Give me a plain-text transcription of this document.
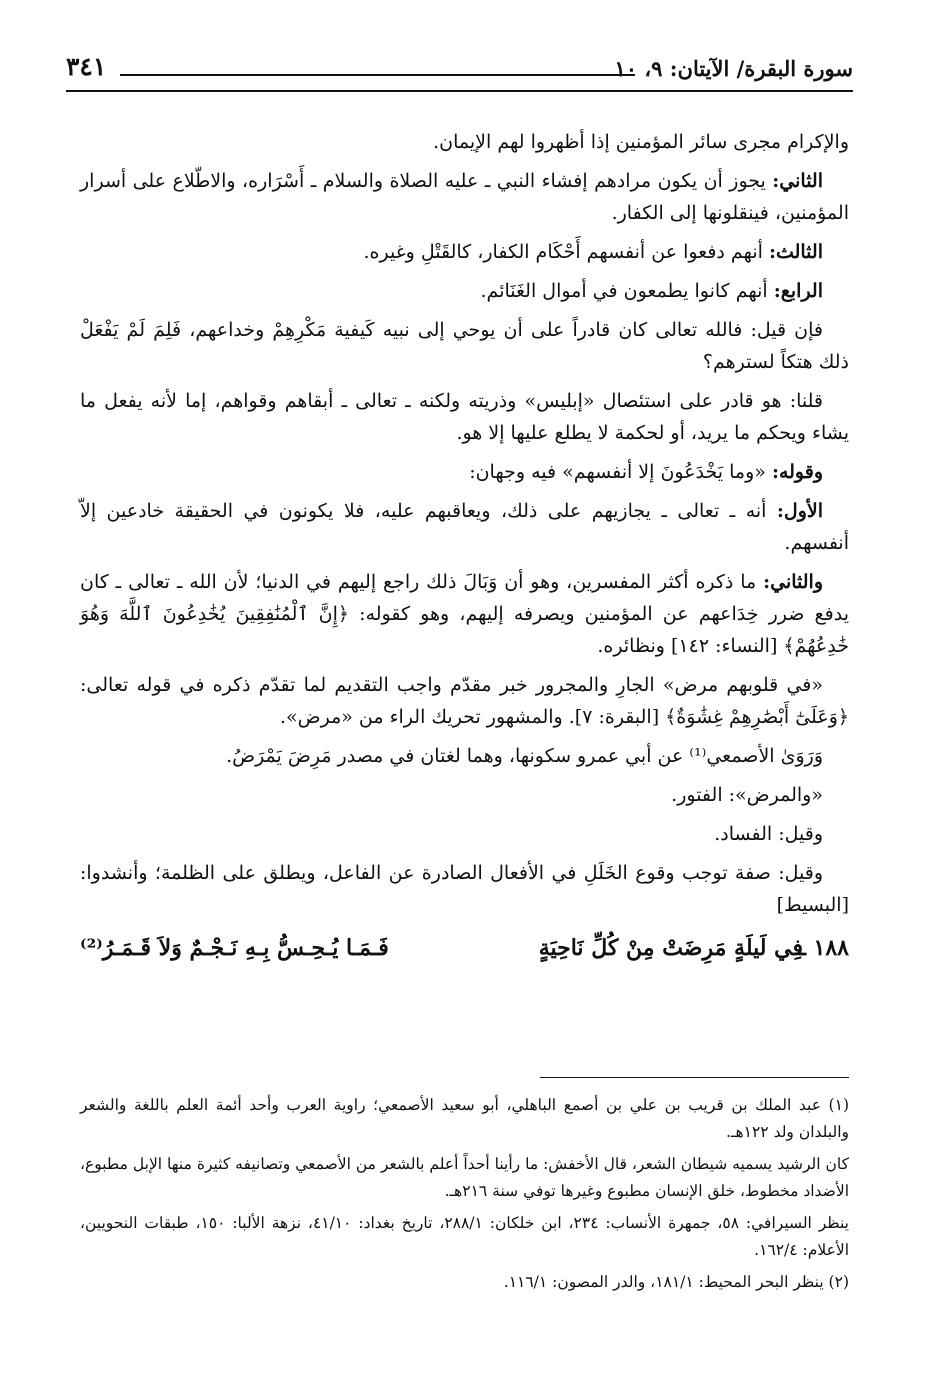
سورة البقرة/ الآيتان: ٩، ١٠
٣٤١

والإكرام مجرى سائر المؤمنين إذا أظهروا لهم الإيمان.

الثاني: يجوز أن يكون مرادهم إفشاء النبي ـ عليه الصلاة والسلام ـ أَسْرَاره، والاطّلاع على أسرار المؤمنين، فينقلونها إلى الكفار.

الثالث: أنهم دفعوا عن أنفسهم أَحْكَام الكفار، كالقَتْلِ وغيره.

الرابع: أنهم كانوا يطمعون في أموال الغَنَائم.

فإن قيل: فالله تعالى كان قادراً على أن يوحي إلى نبيه كَيفية مَكْرِهِمْ وخداعهم، فَلِمَ لَمْ يَفْعَلْ ذلك هتكاً لسترهم؟

قلنا: هو قادر على استئصال «إبليس» وذريته ولكنه ـ تعالى ـ أبقاهم وقواهم، إما لأنه يفعل ما يشاء ويحكم ما يريد، أو لحكمة لا يطلع عليها إلا هو.

وقوله: «وما يَخْدَعُونَ إلا أنفسهم» فيه وجهان:

الأول: أنه ـ تعالى ـ يجازيهم على ذلك، ويعاقبهم عليه، فلا يكونون في الحقيقة خادعين إلاّ أنفسهم.

والثاني: ما ذكره أكثر المفسرين، وهو أن وَبَالَ ذلك راجع إليهم في الدنيا؛ لأن الله ـ تعالى ـ كان يدفع ضرر خِدَاعهم عن المؤمنين ويصرفه إليهم، وهو كقوله: ﴿إِنَّ ٱلْمُنَٰفِقِينَ يُخَٰدِعُونَ ٱللَّهَ وَهُوَ خَٰدِعُهُمْ﴾ [النساء: ١٤٢] ونظائره.

«في قلوبهم مرض» الجارِ والمجرور خبر مقدّم واجب التقديم لما تقدّم ذكره في قوله تعالى: ﴿وَعَلَىٰٓ أَبْصَٰرِهِمْ غِشَٰوَةٌ﴾ [البقرة: ٧]. والمشهور تحريك الراء من «مرض».

وَرَوَىٰ الأصمعي⁽¹⁾ عن أبي عمرو سكونها، وهما لغتان في مصدر مَرِضَ يَمْرَضُ.

«والمرض»: الفتور.

وقيل: الفساد.

وقيل: صفة توجب وقوع الخَلَلِ في الأفعال الصادرة عن الفاعل، ويطلق على الظلمة؛ وأنشدوا: [البسيط]

١٨٨ ـ
فِي لَيلَةٍ مَرِضَتْ مِنْ كُلِّ نَاحِيَةٍ
فَـمَـا يُـحِـسُّ بِـهِ نَـجْـمٌ وَلاَ قَـمَـرُ⁽²⁾

(١) عبد الملك بن قريب بن علي بن أصمع الباهلي، أبو سعيد الأصمعي؛ راوية العرب وأحد أئمة العلم باللغة والشعر والبلدان ولد ١٢٢هـ.

كان الرشيد يسميه شيطان الشعر، قال الأخفش: ما رأينا أحداً أعلم بالشعر من الأصمعي وتصانيفه كثيرة منها الإبل مطبوع، الأضداد مخطوط، خلق الإنسان مطبوع وغيرها توفي سنة ٢١٦هـ.

ينظر السيرافي: ٥٨، جمهرة الأنساب: ٢٣٤، ابن خلكان: ٢٨٨/١، تاريخ بغداد: ٤١/١٠، نزهة الألبا: ١٥٠، طبقات النحويين، الأعلام: ١٦٢/٤.

(٢) ينظر البحر المحيط: ١٨١/١، والدر المصون: ١١٦/١.
